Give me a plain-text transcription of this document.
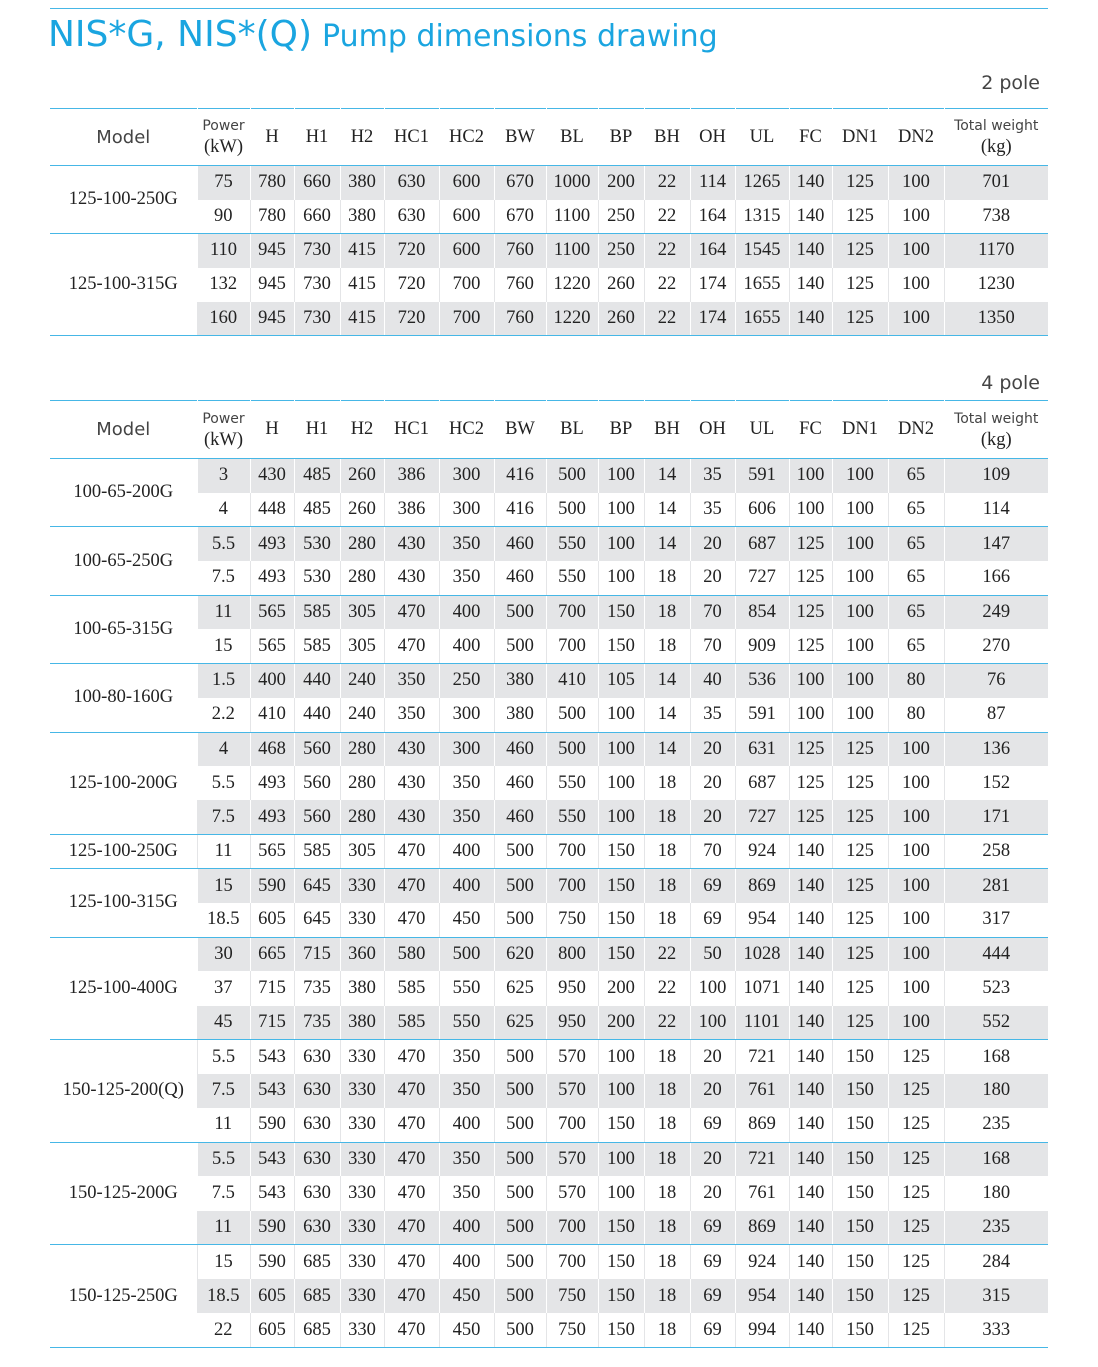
NIS*G, NIS*(Q) Pump dimensions drawing
2 pole
Model	Power
(kW)	H	H1	H2	HC1	HC2	BW	BL	BP	BH	OH	UL	FC	DN1	DN2	Total weight
(kg)

125-100-250G	75	780	660	380	630	600	670	1000	200	22	114	1265	140	125	100	701
	90	780	660	380	630	600	670	1100	250	22	164	1315	140	125	100	738
125-100-315G	110	945	730	415	720	600	760	1100	250	22	164	1545	140	125	100	1170
	132	945	730	415	720	700	760	1220	260	22	174	1655	140	125	100	1230
	160	945	730	415	720	700	760	1220	260	22	174	1655	140	125	100	1350
4 pole
Model	Power
(kW)	H	H1	H2	HC1	HC2	BW	BL	BP	BH	OH	UL	FC	DN1	DN2	Total weight
(kg)

100-65-200G	3	430	485	260	386	300	416	500	100	14	35	591	100	100	65	109
	4	448	485	260	386	300	416	500	100	14	35	606	100	100	65	114
100-65-250G	5.5	493	530	280	430	350	460	550	100	14	20	687	125	100	65	147
	7.5	493	530	280	430	350	460	550	100	18	20	727	125	100	65	166
100-65-315G	11	565	585	305	470	400	500	700	150	18	70	854	125	100	65	249
	15	565	585	305	470	400	500	700	150	18	70	909	125	100	65	270
100-80-160G	1.5	400	440	240	350	250	380	410	105	14	40	536	100	100	80	76
	2.2	410	440	240	350	300	380	500	100	14	35	591	100	100	80	87
125-100-200G	4	468	560	280	430	300	460	500	100	14	20	631	125	125	100	136
	5.5	493	560	280	430	350	460	550	100	18	20	687	125	125	100	152
	7.5	493	560	280	430	350	460	550	100	18	20	727	125	125	100	171
125-100-250G	11	565	585	305	470	400	500	700	150	18	70	924	140	125	100	258
125-100-315G	15	590	645	330	470	400	500	700	150	18	69	869	140	125	100	281
	18.5	605	645	330	470	450	500	750	150	18	69	954	140	125	100	317
125-100-400G	30	665	715	360	580	500	620	800	150	22	50	1028	140	125	100	444
	37	715	735	380	585	550	625	950	200	22	100	1071	140	125	100	523
	45	715	735	380	585	550	625	950	200	22	100	1101	140	125	100	552
150-125-200(Q)	5.5	543	630	330	470	350	500	570	100	18	20	721	140	150	125	168
	7.5	543	630	330	470	350	500	570	100	18	20	761	140	150	125	180
	11	590	630	330	470	400	500	700	150	18	69	869	140	150	125	235
150-125-200G	5.5	543	630	330	470	350	500	570	100	18	20	721	140	150	125	168
	7.5	543	630	330	470	350	500	570	100	18	20	761	140	150	125	180
	11	590	630	330	470	400	500	700	150	18	69	869	140	150	125	235
150-125-250G	15	590	685	330	470	400	500	700	150	18	69	924	140	150	125	284
	18.5	605	685	330	470	450	500	750	150	18	69	954	140	150	125	315
	22	605	685	330	470	450	500	750	150	18	69	994	140	150	125	333
